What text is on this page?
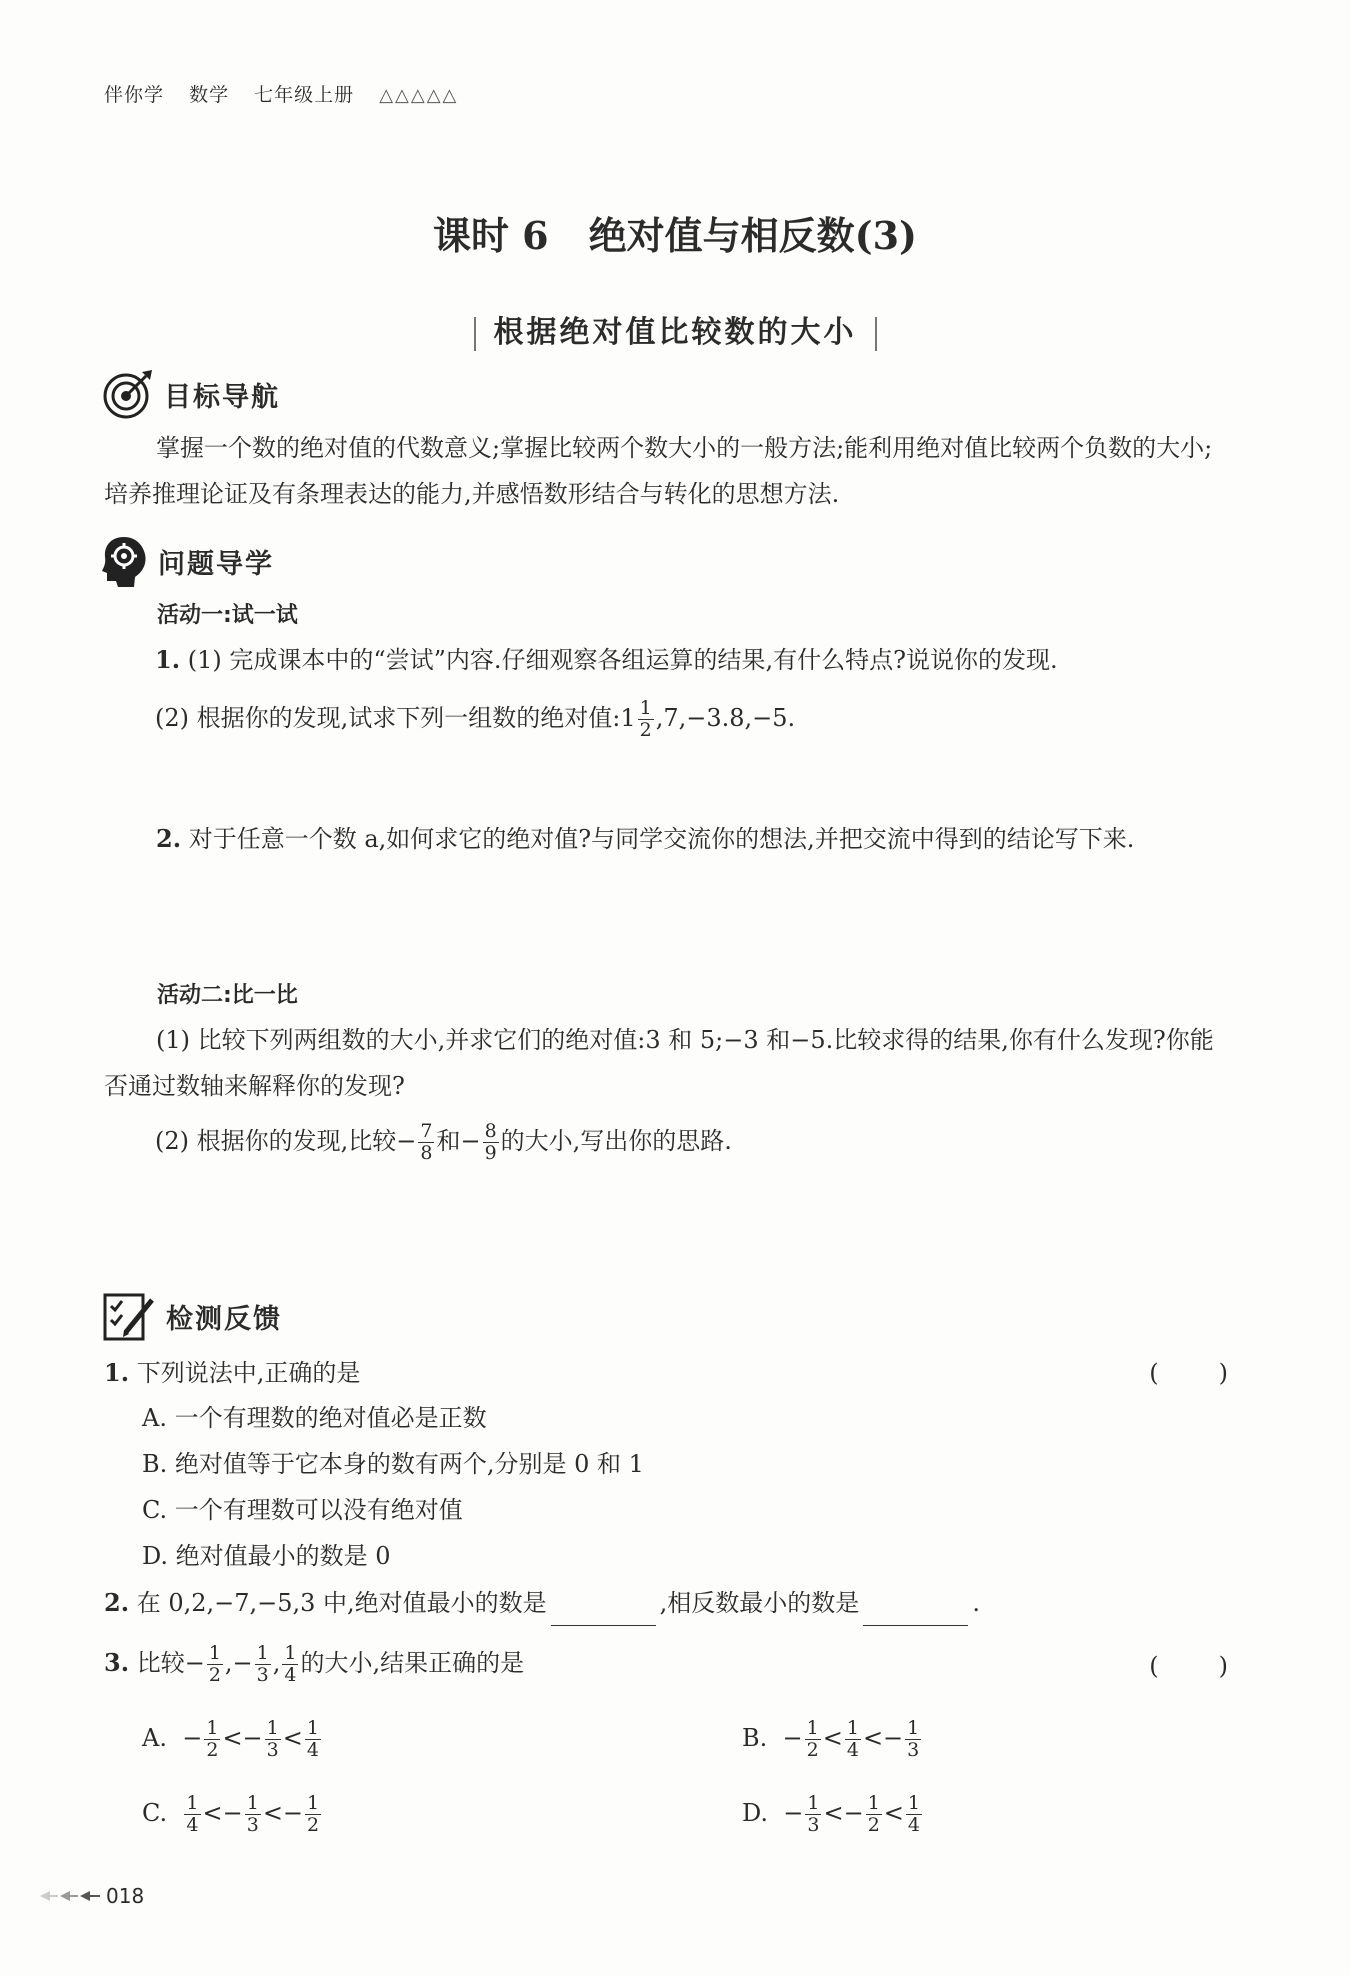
伴你学 数学 七年级上册 △△△△△
课时 6 绝对值与相反数(3)
根据绝对值比较数的大小
目标导航
掌握一个数的绝对值的代数意义;掌握比较两个数大小的一般方法;能利用绝对值比较两个负数的大小;培养推理论证及有条理表达的能力,并感悟数形结合与转化的思想方法.
问题导学
活动一:试一试
1. (1) 完成课本中的“尝试”内容.仔细观察各组运算的结果,有什么特点?说说你的发现.
(2) 根据你的发现,试求下列一组数的绝对值:1 $\frac{1}{2} ,7,-3.8,-5$.
2. 对于任意一个数 a,如何求它的绝对值?与同学交流你的想法,并把交流中得到的结论写下来.
活动二:比一比
(1) 比较下列两组数的大小,并求它们的绝对值:3 和 5;−3 和−5.比较求得的结果,你有什么发现?你能否通过数轴来解释你的发现?
(2) 根据你的发现,比较− $\frac{7}{8}$ 和− $\frac{8}{9}$ 的大小,写出你的思路.
检测反馈
1. 下列说法中,正确的是	(　　)
A. 一个有理数的绝对值必是正数
B. 绝对值等于它本身的数有两个,分别是 0 和 1
C. 一个有理数可以没有绝对值
D. 绝对值最小的数是 0
2. 在 0,2,−7,−5,3 中,绝对值最小的数是	,相反数最小的数是	.
3. 比较− $\frac{1}{2}$ ,− $\frac{1}{3}$ , $\frac{1}{4}$ 的大小,结果正确的是	(　　)
A.  − $\frac{1}{2} <- \frac{1}{3} < \frac{1}{4}$	B.  − $\frac{1}{2} < \frac{1}{4} <- \frac{1}{3}$
C. $\frac{1}{4} <- \frac{1}{3} <- \frac{1}{2}$	D.  − $\frac{1}{3} <- \frac{1}{2} < \frac{1}{4}$
018
